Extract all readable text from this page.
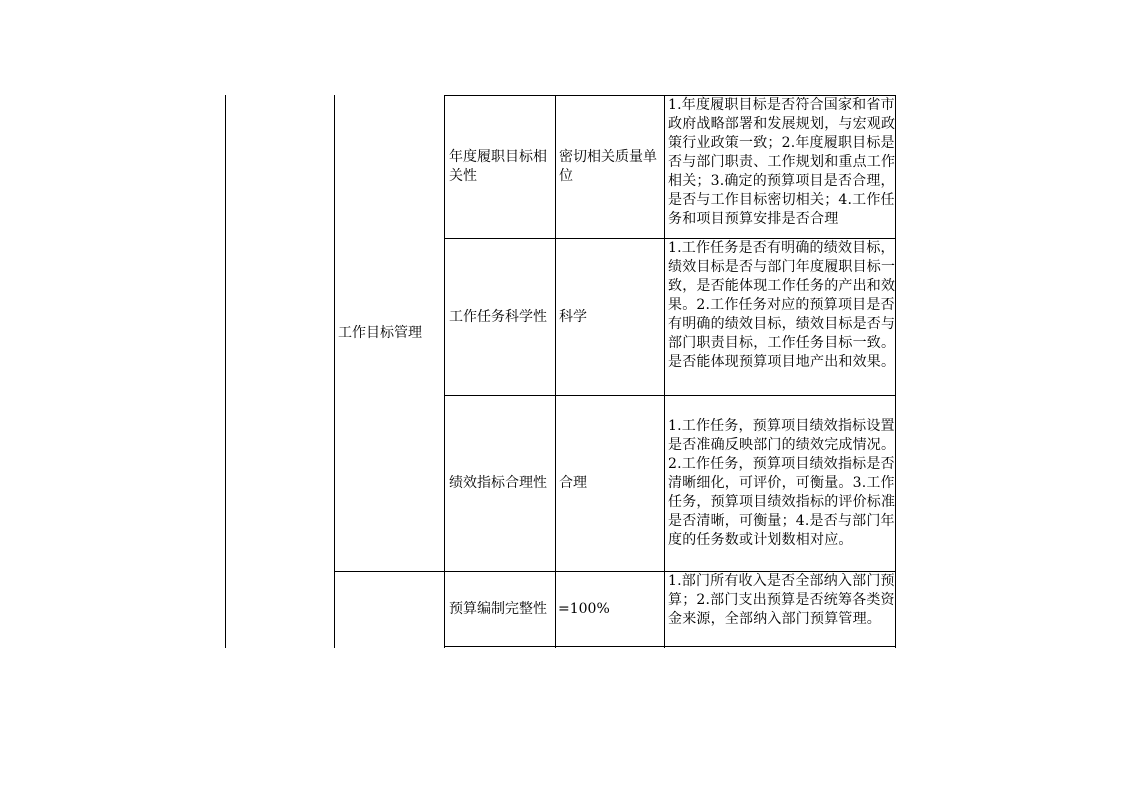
工作目标管理
年度履职目标相关性
密切相关质量单位
1.年度履职目标是否符合国家和省市政府战略部署和发展规划，与宏观政策行业政策一致；2.年度履职目标是否与部门职责、工作规划和重点工作相关；3.确定的预算项目是否合理，是否与工作目标密切相关；4.工作任务和项目预算安排是否合理
工作任务科学性 科学
1.工作任务是否有明确的绩效目标，绩效目标是否与部门年度履职目标一致，是否能体现工作任务的产出和效果。2.工作任务对应的预算项目是否有明确的绩效目标，绩效目标是否与部门职责目标，工作任务目标一致。是否能体现预算项目地产出和效果。
绩效指标合理性 合理
1.工作任务，预算项目绩效指标设置是否准确反映部门的绩效完成情况。2.工作任务，预算项目绩效指标是否清晰细化，可评价，可衡量。3.工作任务，预算项目绩效指标的评价标准是否清晰，可衡量；4.是否与部门年度的任务数或计划数相对应。
预算编制完整性 =100%
1.部门所有收入是否全部纳入部门预算；2.部门支出预算是否统筹各类资金来源，全部纳入部门预算管理。
